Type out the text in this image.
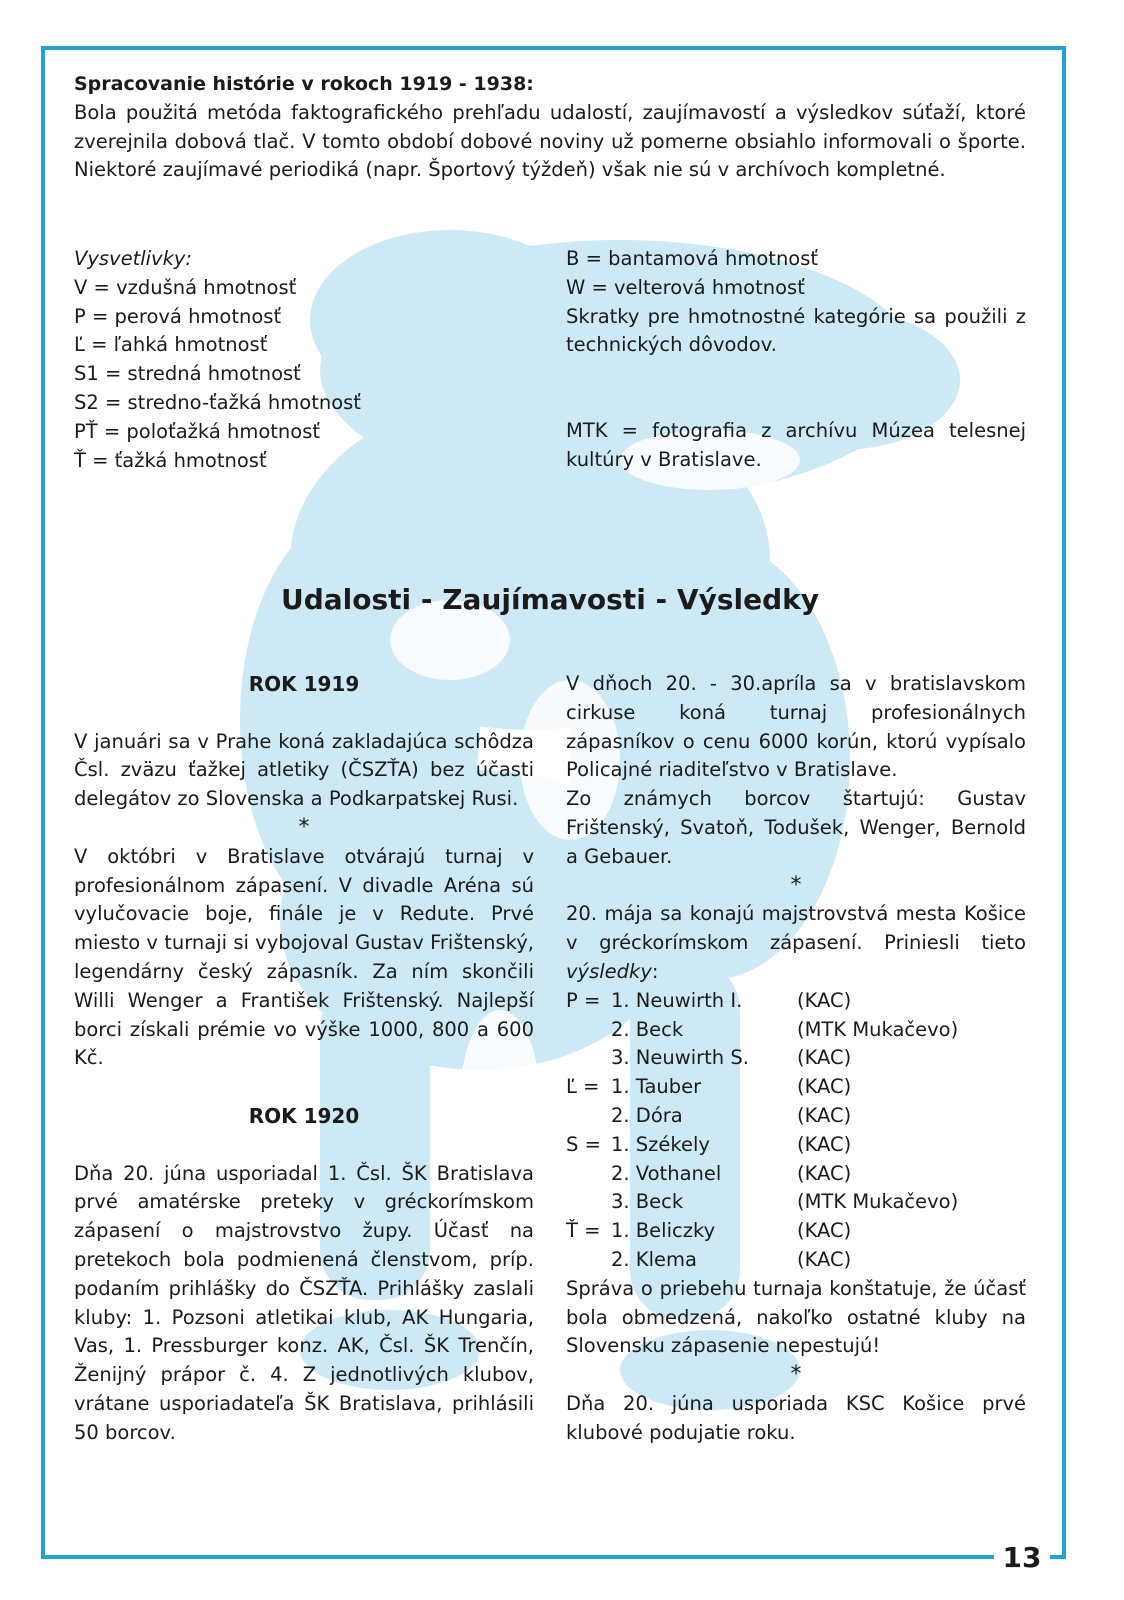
Spracovanie histórie v rokoch 1919 - 1938:

Bola použitá metóda faktografického prehľadu udalostí, zaujímavostí a výsledkov súťaží, ktoré zverejnila dobová tlač. V tomto období dobové noviny už pomerne obsiahlo informovali o športe. Niektoré zaujímavé periodiká (napr. Športový týždeň) však nie sú v archívoch kompletné.

Vysvetlivky:

V = vzdušná hmotnosť

P = perová hmotnosť

Ľ = ľahká hmotnosť

S1 = stredná hmotnosť

S2 = stredno-ťažká hmotnosť

PŤ = poloťažká hmotnosť

Ť = ťažká hmotnosť

B = bantamová hmotnosť

W = velterová hmotnosť

Skratky pre hmotnostné kategórie sa použili z technických dôvodov.

MTK = fotografia z archívu Múzea telesnej kultúry v Bratislave.

Udalosti - Zaujímavosti - Výsledky

ROK 1919

V januári sa v Prahe koná zakladajúca schôdza Čsl. zväzu ťažkej atletiky (ČSZŤA) bez účasti delegátov zo Slovenska a Podkarpatskej Rusi.

*

V októbri v Bratislave otvárajú turnaj v profesionálnom zápasení. V divadle Aréna sú vylučovacie boje, finále je v Redute. Prvé miesto v turnaji si vybojoval Gustav Frištenský, legendárny český zápasník. Za ním skončili Willi Wenger a František Frištenský. Najlepší borci získali prémie vo výške 1000, 800 a 600 Kč.

ROK 1920

Dňa 20. júna usporiadal 1. Čsl. ŠK Bratislava prvé amatérske preteky v gréckorímskom zápasení o majstrovstvo župy. Účasť na pretekoch bola podmienená členstvom, príp. podaním prihlášky do ČSZŤA. Prihlášky zaslali kluby: 1. Pozsoni atletikai klub, AK Hungaria, Vas, 1. Pressburger konz. AK, Čsl. ŠK Trenčín, Ženijný prápor č. 4. Z jednotlivých klubov, vrátane usporiadateľa ŠK Bratislava, prihlásili 50 borcov.

V dňoch 20. - 30.apríla sa v bratislavskom cirkuse koná turnaj profesionálnych zápasníkov o cenu 6000 korún, ktorú vypísalo Policajné riaditeľstvo v Bratislave.

Zo známych borcov štartujú: Gustav Frištenský, Svatoň, Todušek, Wenger, Bernold a Gebauer.

*

20. mája sa konajú majstrovstvá mesta Košice v gréckorímskom zápasení. Priniesli tieto výsledky:

P = 1. Neuwirth I.	(KAC)
2. Beck	(MTK Mukačevo)
3. Neuwirth S.	(KAC)
Ľ = 1. Tauber	(KAC)
2. Dóra	(KAC)
S = 1. Székely	(KAC)
2. Vothanel	(KAC)
3. Beck	(MTK Mukačevo)
Ť = 1. Beliczky	(KAC)
2. Klema	(KAC)

Správa o priebehu turnaja konštatuje, že účasť bola obmedzená, nakoľko ostatné kluby na Slovensku zápasenie nepestujú!

*

Dňa 20. júna usporiada KSC Košice prvé klubové podujatie roku.

13
